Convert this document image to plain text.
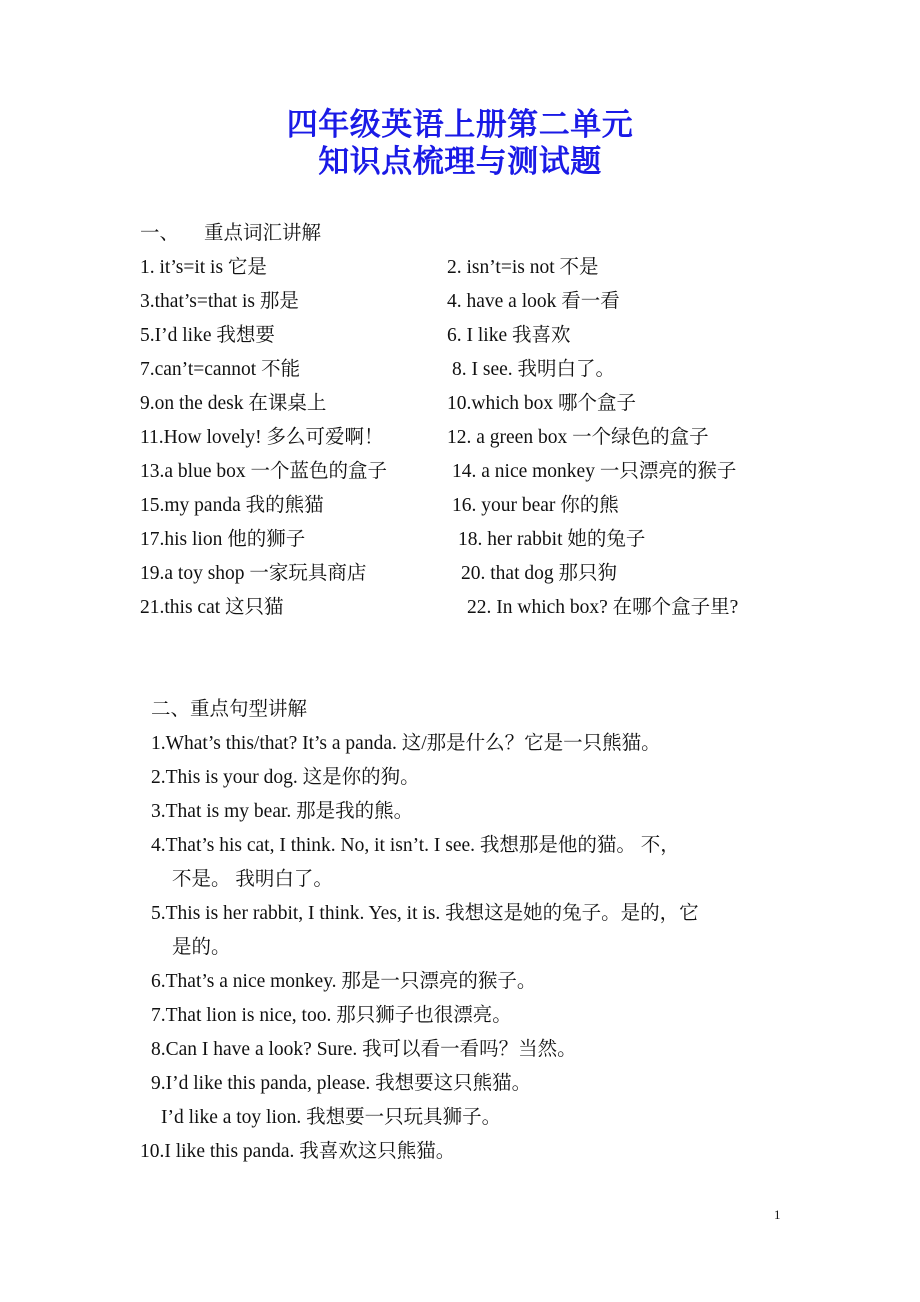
四年级英语上册第二单元
知识点梳理与测试题
一、 重点词汇讲解
1. it’s=it is 它是	2. isn’t=is not 不是
3.that’s=that is 那是	4. have a look 看一看
5.I’d like 我想要	6. I like 我喜欢
7.can’t=cannot 不能	8. I see. 我明白了。
9.on the desk 在课桌上	10.which box 哪个盒子
11.How lovely! 多么可爱啊！	12. a green box 一个绿色的盒子
13.a blue box 一个蓝色的盒子	14. a nice monkey 一只漂亮的猴子
15.my panda 我的熊猫	16. your bear 你的熊
17.his lion 他的狮子	18. her rabbit 她的兔子
19.a toy shop 一家玩具商店	20. that dog 那只狗
21.this cat 这只猫	22. In which box? 在哪个盒子里?
二、重点句型讲解
1.What’s this/that? It’s a panda. 这/那是什么？它是一只熊猫。
2.This is your dog. 这是你的狗。
3.That is my bear. 那是我的熊。
4.That’s his cat, I think. No, it isn’t. I see. 我想那是他的猫。 不，
不是。 我明白了。
5.This is her rabbit, I think. Yes, it is. 我想这是她的兔子。是的，它
是的。
6.That’s a nice monkey. 那是一只漂亮的猴子。
7.That lion is nice, too. 那只狮子也很漂亮。
8.Can I have a look? Sure. 我可以看一看吗？当然。
9.I’d like this panda, please. 我想要这只熊猫。
I’d like a toy lion. 我想要一只玩具狮子。
10.I like this panda. 我喜欢这只熊猫。
1
